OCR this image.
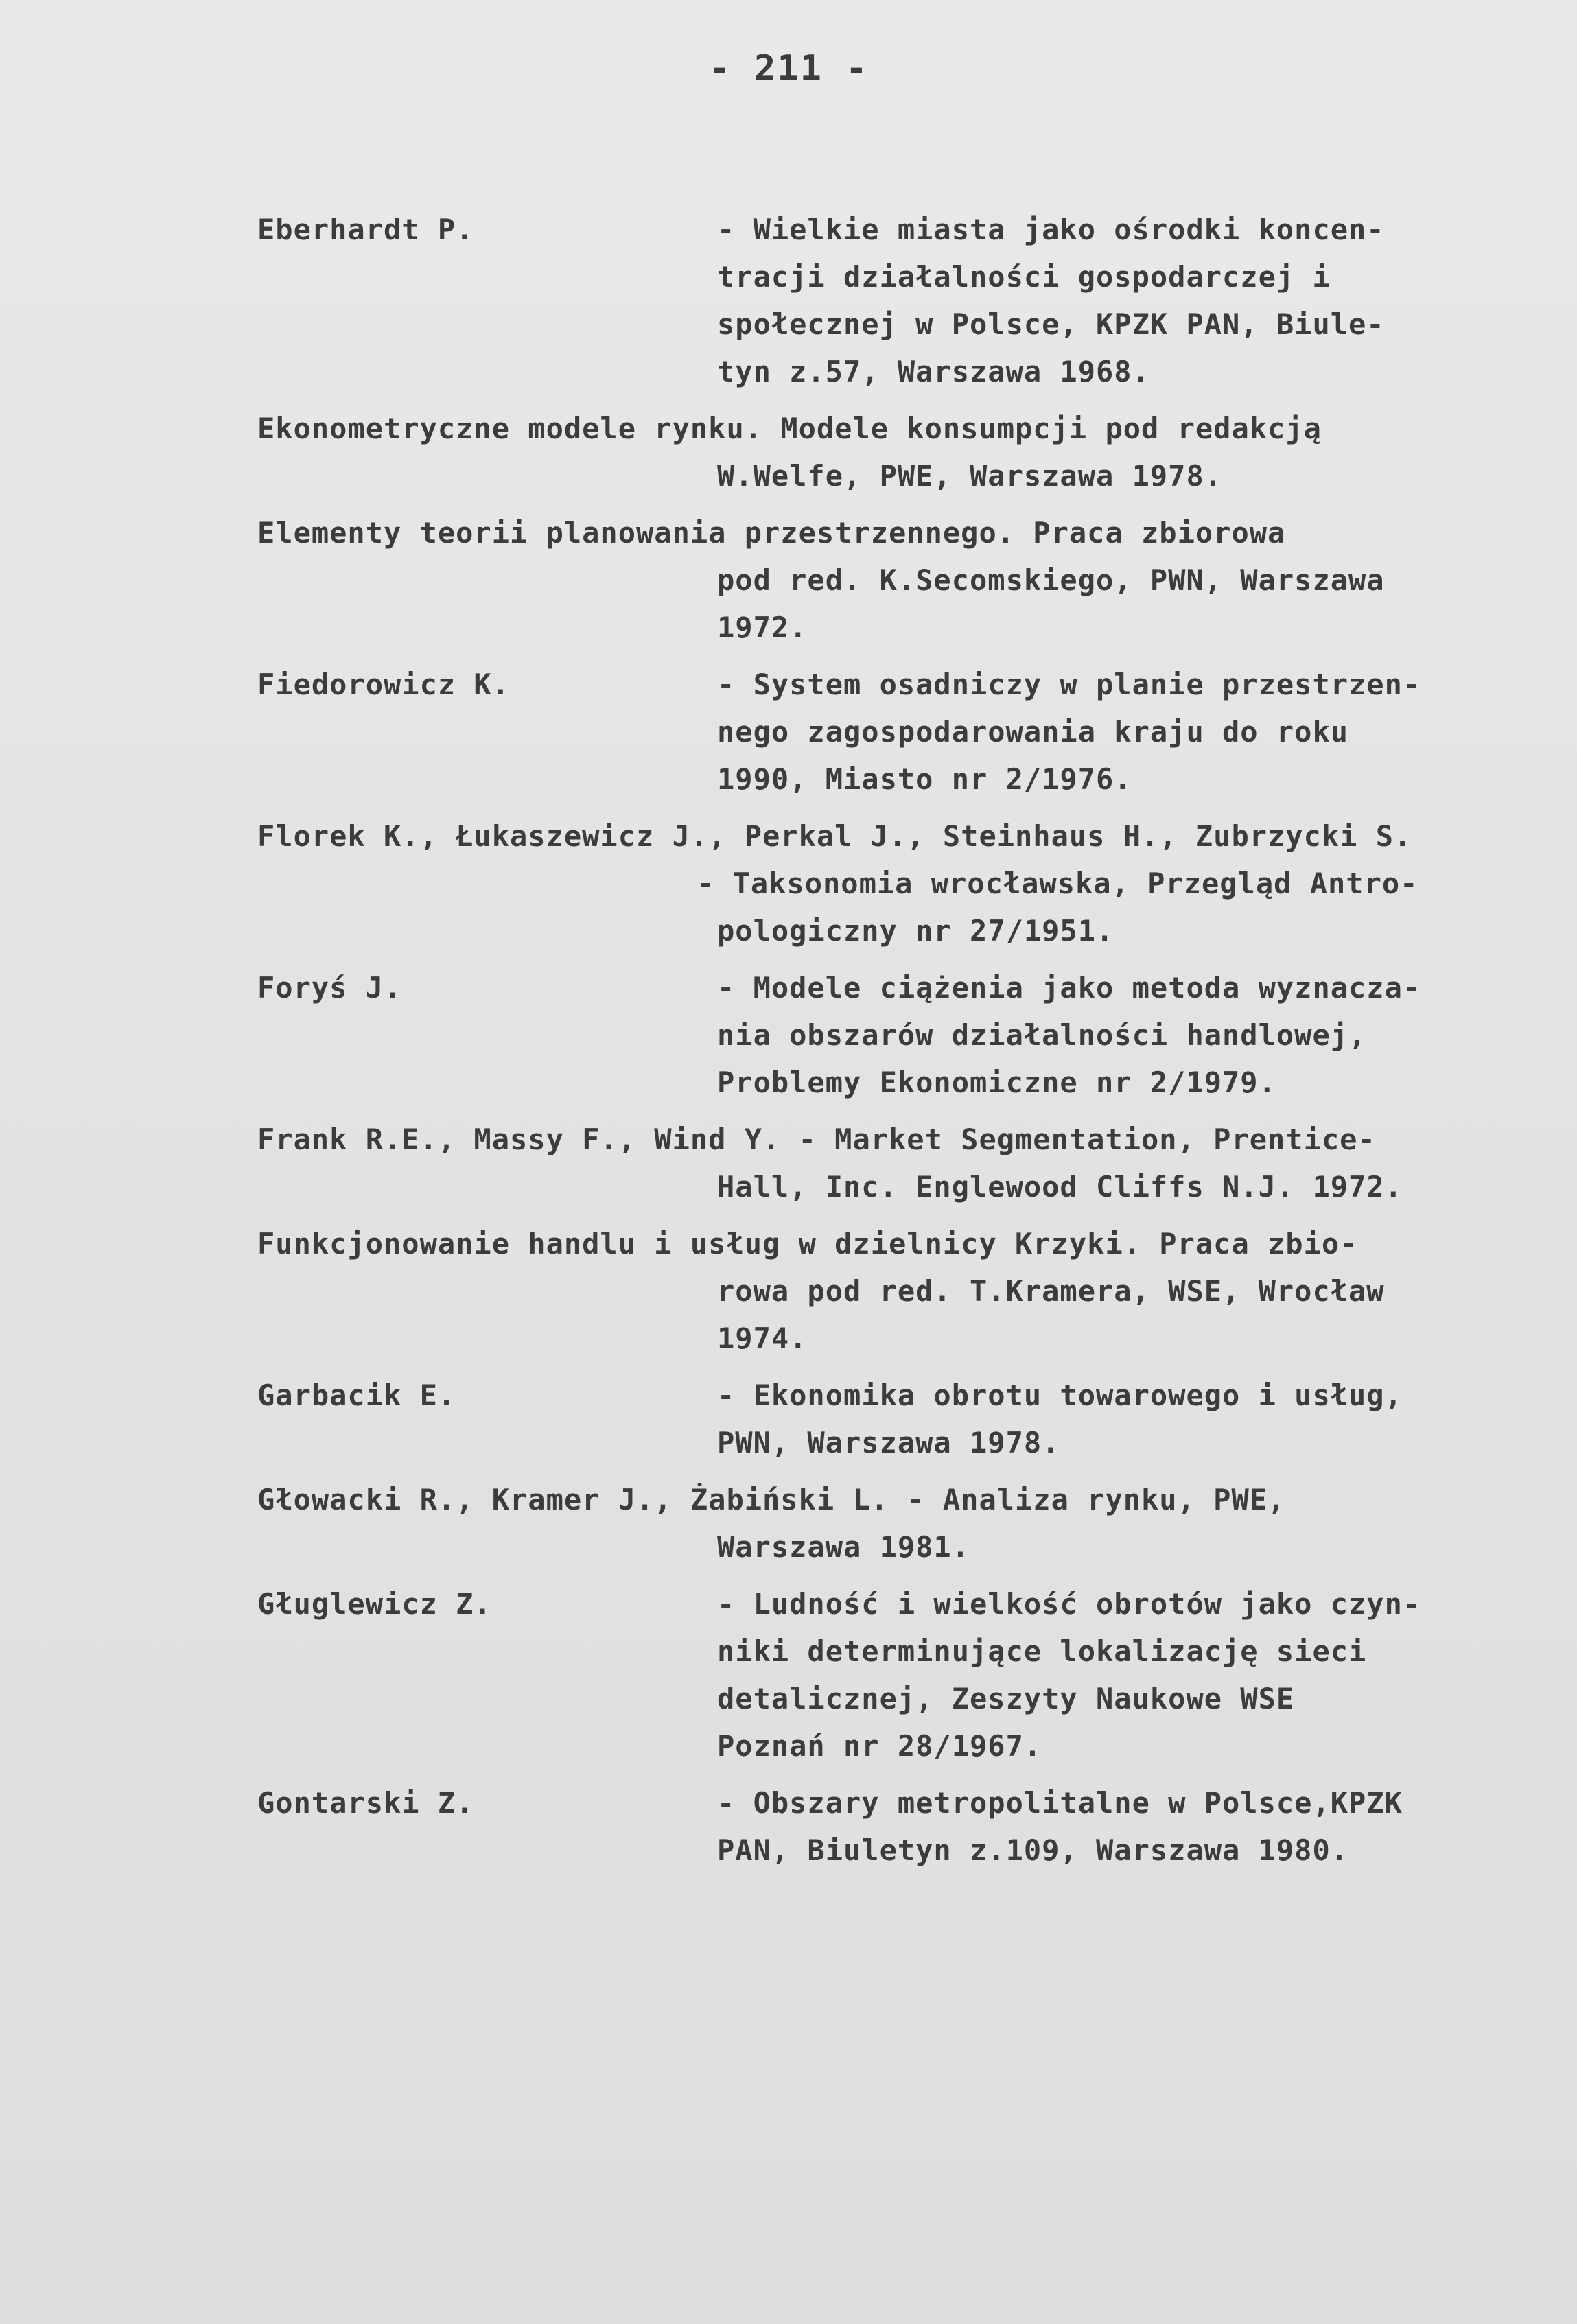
- 211 -
Eberhardt P.	- Wielkie miasta jako ośrodki koncen-
tracji działalności gospodarczej i
społecznej w Polsce, KPZK PAN, Biule-
tyn z.57, Warszawa 1968.
Ekonometryczne modele rynku. Modele konsumpcji pod redakcją
W.Welfe, PWE, Warszawa 1978.
Elementy teorii planowania przestrzennego. Praca zbiorowa
pod red. K.Secomskiego, PWN, Warszawa
1972.
Fiedorowicz K.	- System osadniczy w planie przestrzen-
nego zagospodarowania kraju do roku
1990, Miasto nr 2/1976.
Florek K., Łukaszewicz J., Perkal J., Steinhaus H., Zubrzycki S.
- Taksonomia wrocławska, Przegląd Antro-
pologiczny nr 27/1951.
Foryś J.	- Modele ciążenia jako metoda wyznacza-
nia obszarów działalności handlowej,
Problemy Ekonomiczne nr 2/1979.
Frank R.E., Massy F., Wind Y. - Market Segmentation, Prentice-
Hall, Inc. Englewood Cliffs N.J. 1972.
Funkcjonowanie handlu i usług w dzielnicy Krzyki. Praca zbio-
rowa pod red. T.Kramera, WSE, Wrocław
1974.
Garbacik E.	- Ekonomika obrotu towarowego i usług,
PWN, Warszawa 1978.
Głowacki R., Kramer J., Żabiński L. - Analiza rynku, PWE,
Warszawa 1981.
Gługlewicz Z.	- Ludność i wielkość obrotów jako czyn-
niki determinujące lokalizację sieci
detalicznej, Zeszyty Naukowe WSE
Poznań nr 28/1967.
Gontarski Z.	- Obszary metropolitalne w Polsce,KPZK
PAN, Biuletyn z.109, Warszawa 1980.
